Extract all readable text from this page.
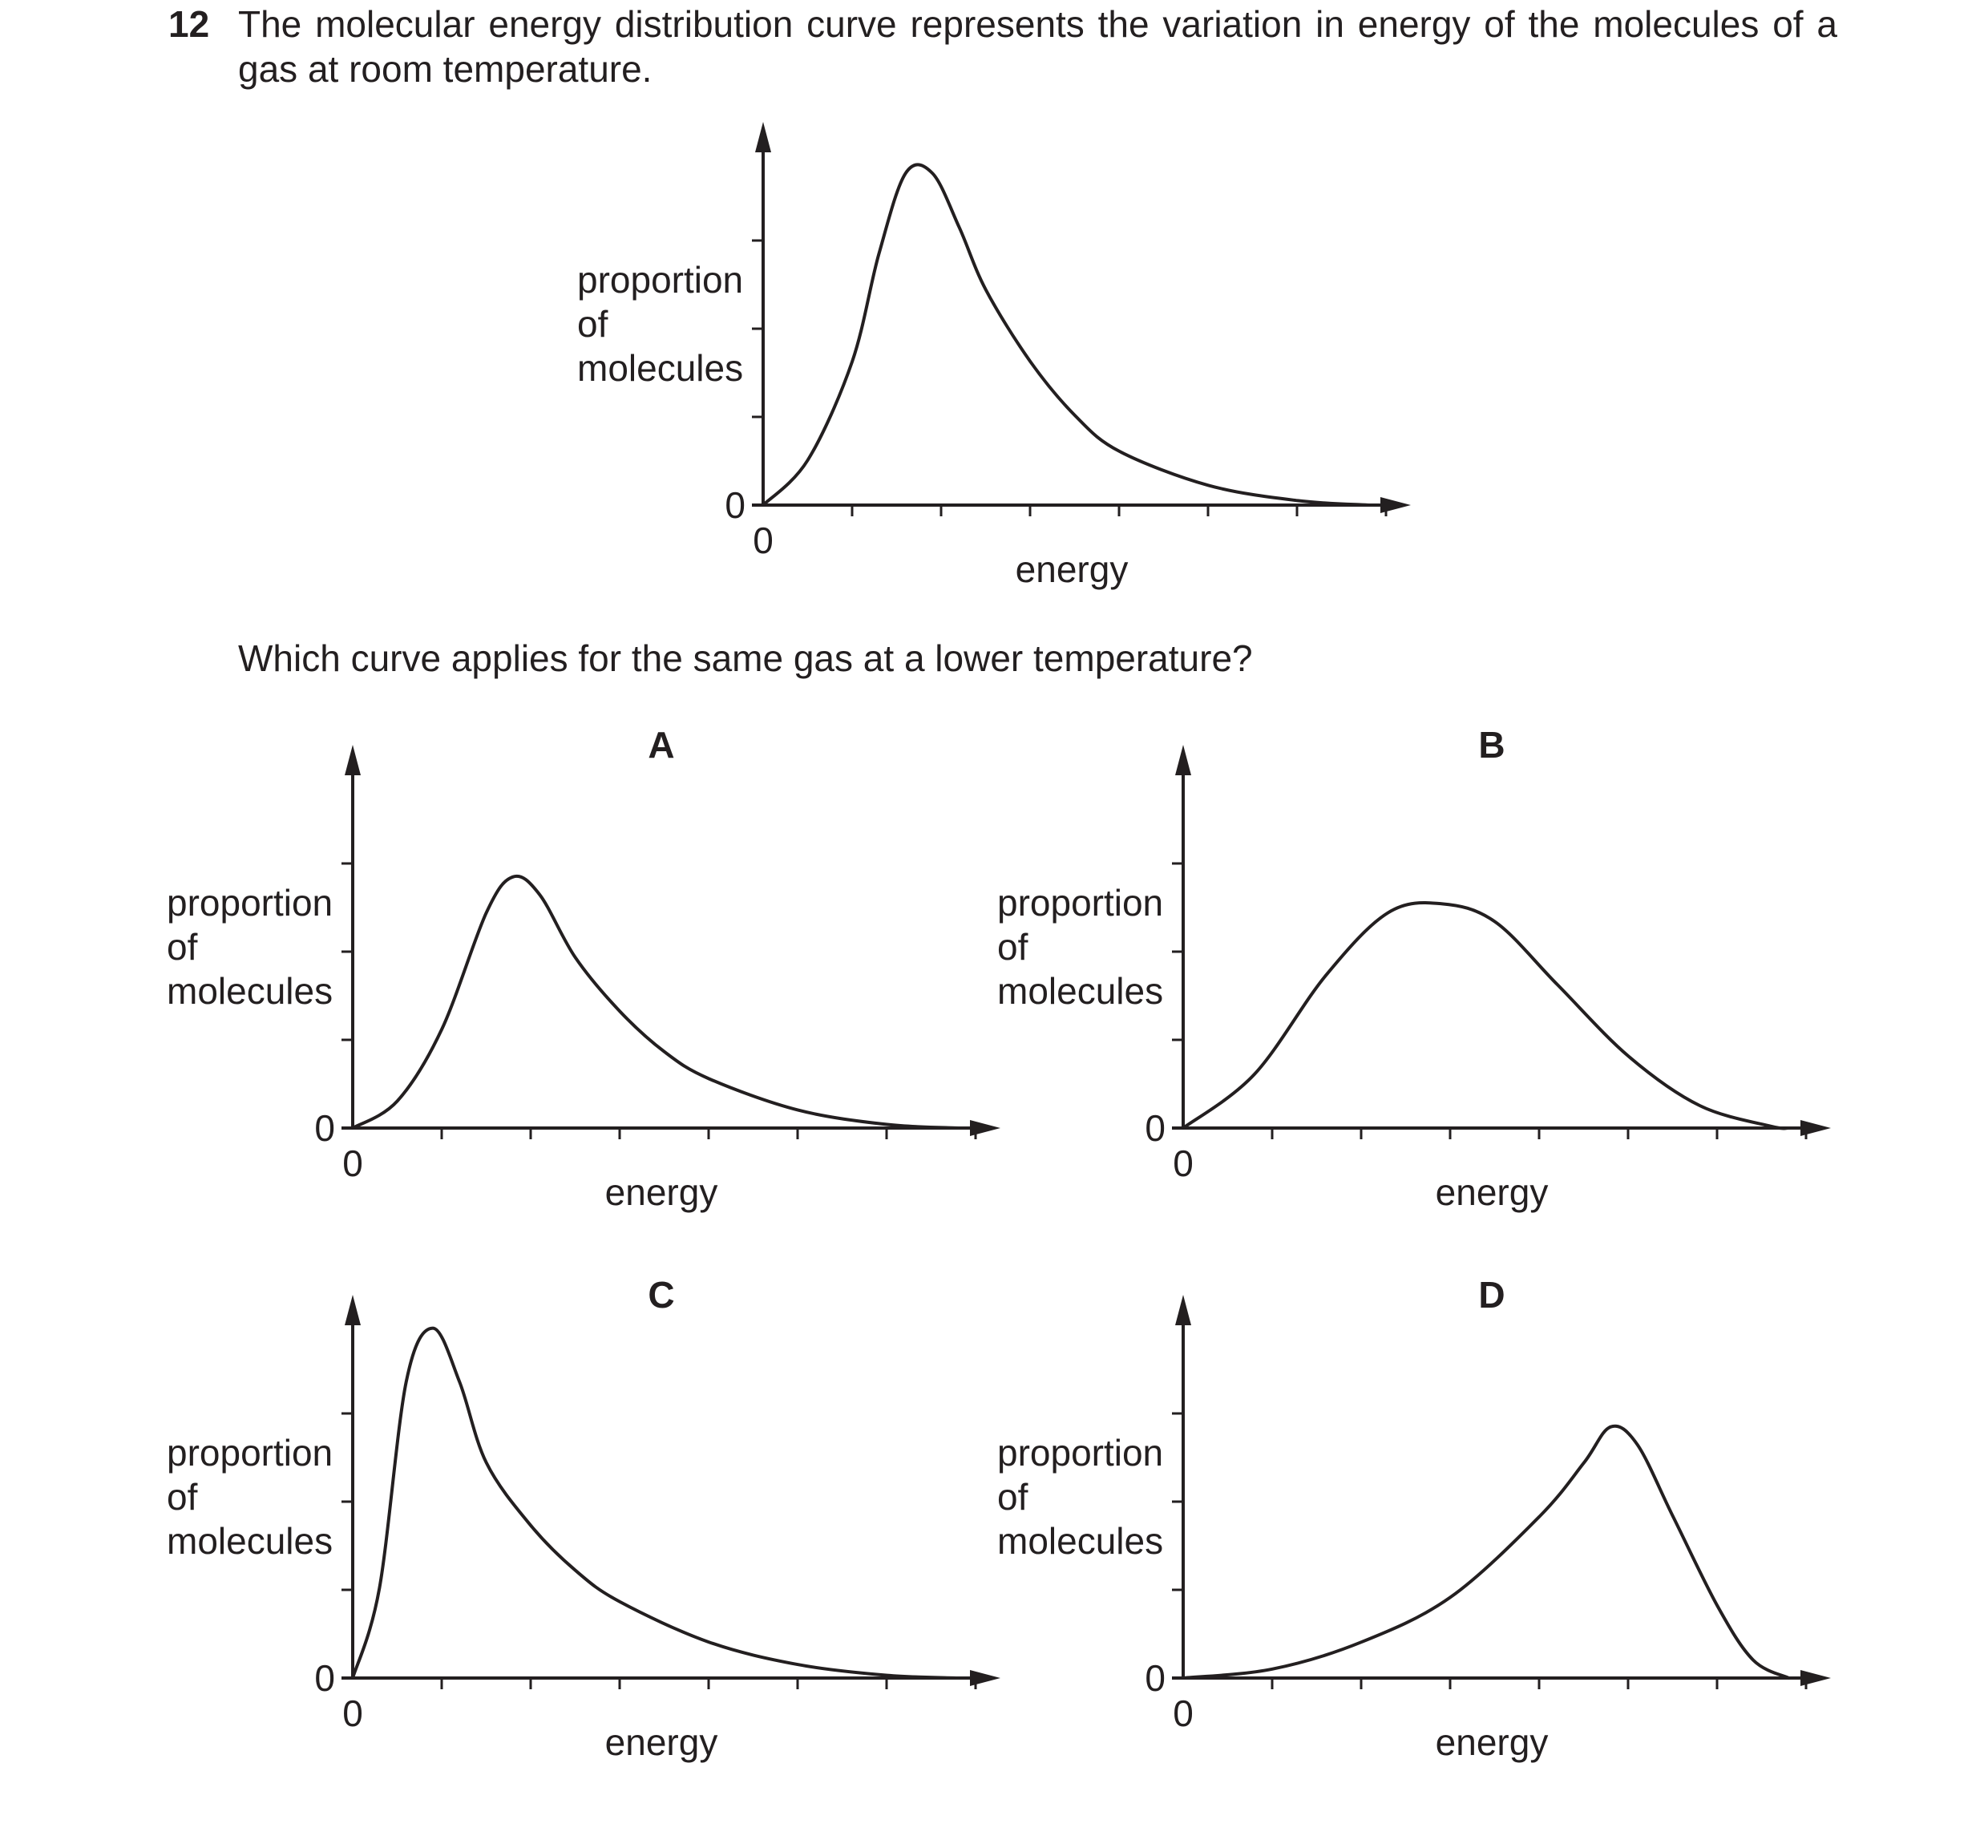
12 The molecular energy distribution curve represents the variation in energy of the molecules of a gas at room temperature.
Which curve applies for the same gas at a lower temperature?
0
0
energy
proportion of molecules
A
0
0
energy
proportion of molecules
B
0
0
energy
proportion of molecules
C
0
0
energy
proportion of molecules
D
0
0
energy
proportion of molecules
